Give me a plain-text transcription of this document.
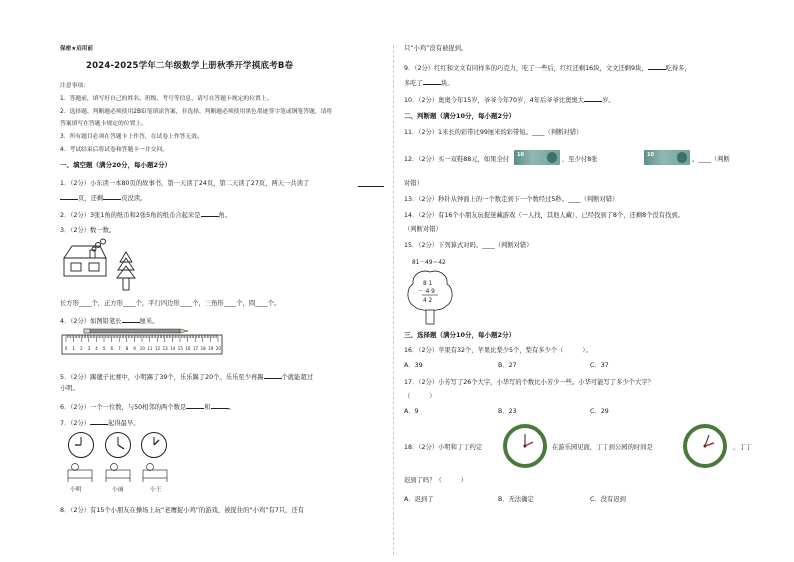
保密★启用前
2024-2025学年二年级数学上册秋季开学摸底考B卷
注意事项：
1．答题前，填写好自己的姓名、班级、考号等信息，请写在答题卡规定的位置上。
2．选择题、判断题必须使用2B铅笔填涂答案，非选择、判断题必须使用黑色墨迹签字笔或钢笔答题，请将
答案填写在答题卡规定的位置上。
3．所有题目必须在答题卡上作答，在试卷上作答无效。
4．考试结束后将试卷和答题卡一并交回。
一、填空题（满分20分，每小题2分）
1．（2分）小东读一本80页的故事书，第一天读了24页，第二天读了27页，两天一共读了
页，还剩	页没读。
2．（2分）3张1角的纸币和2张5角的纸币合起来是	角。
3．（2分）数一数。
长方形____个，正方形____个，平行四边形____个，三角形____个，圆____个。
4．（2分）如图铅笔长	厘米。
0 1 2 3 4 5 6 7 8 9 10 11 12 13 14 15 16 17 18 19 20
5．（2分）踢毽子比赛中，小明踢了39个，乐乐踢了20个。乐乐至少再踢	个就能超过
小明。
6．（2分）一个一位数，与50相邻的两个数是	和	。
7．（2分）	起得最早。
小明	小丽	小王
8．（2分）有15个小朋友在操场上玩“老鹰捉小鸡”的游戏，被捉住的“小鸡”有7只，还有
只“小鸡”没有被捉到。
9．（2分）红红和文文有同样多的巧克力，吃了一些后，红红还剩16块，文文还剩9块，	吃得多，
多吃了	块。
10．（2分）奥奥今年15岁，爷爷今年70岁，4年后爷爷比奥奥大	岁。
二、判断题（满分10分，每小题2分）
11．（2分）1米长的彩带比99厘米的彩带短。____（判断对错）
12．（2分）买一双鞋88元，如果全付
10
，至少付8张
10
。____（判断
对错）
13．（2分）秒针从钟面上的一个数走到下一个数经过5秒。____（判断对错）
14．（2分）有16个小朋友玩捉迷藏游戏（一人找，其他人藏），已经找到了8个，还剩8个没有找到。
（判断对错）
15．（2分）下列算式对吗。____（判断对错）
81－49＝42
8 1
－ 4 9
4 2
三、选择题（满分10分，每小题2分）
16．（2分）苹果有32个，苹果比梨少5个，梨有多少个（　　　）。
A．39	B．27	C．37
17．（2分）小芳写了26个大字，小华写的个数比小芳少一些。小华可能写了多少个大字？
（　　　）
A．9	B．23	C．29
18．（2分）小明和丁丁约定	在游乐园见面，丁丁到公园的时间是	，丁丁
迟到了吗？（　　　）
A．迟到了	B．无法确定	C．没有迟到
